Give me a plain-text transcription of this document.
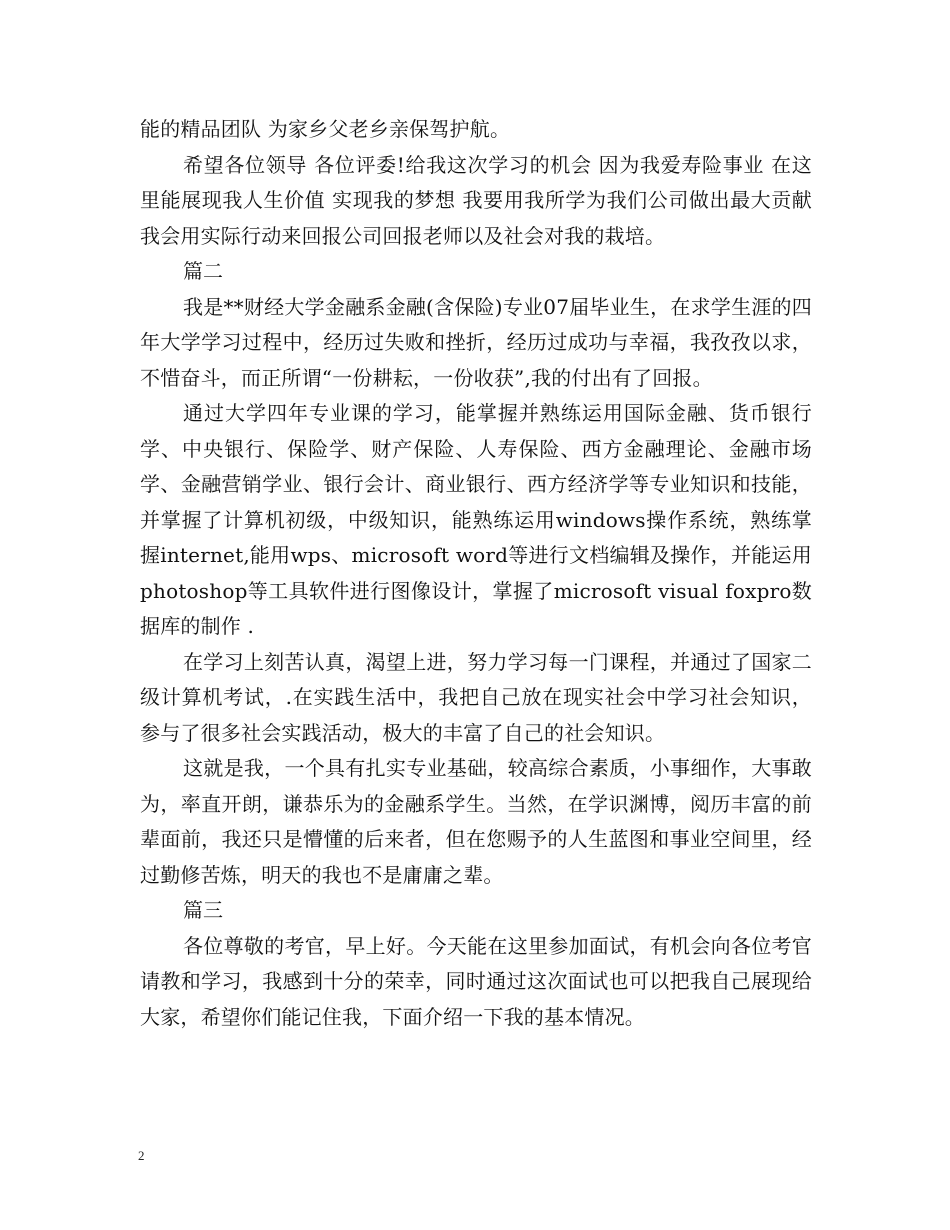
能的精品团队 为家乡父老乡亲保驾护航。

希望各位领导 各位评委!给我这次学习的机会 因为我爱寿险事业 在这里能展现我人生价值 实现我的梦想 我要用我所学为我们公司做出最大贡献 我会用实际行动来回报公司回报老师以及社会对我的栽培。

篇二

我是**财经大学金融系金融(含保险)专业07届毕业生，在求学生涯的四年大学学习过程中，经历过失败和挫折，经历过成功与幸福，我孜孜以求，不惜奋斗，而正所谓“一份耕耘，一份收获”,我的付出有了回报。

通过大学四年专业课的学习，能掌握并熟练运用国际金融、货币银行学、中央银行、保险学、财产保险、人寿保险、西方金融理论、金融市场学、金融营销学业、银行会计、商业银行、西方经济学等专业知识和技能，并掌握了计算机初级，中级知识，能熟练运用windows操作系统，熟练掌握internet,能用wps、microsoft word等进行文档编辑及操作，并能运用photoshop等工具软件进行图像设计，掌握了microsoft visual foxpro数据库的制作 .

在学习上刻苦认真，渴望上进，努力学习每一门课程，并通过了国家二级计算机考试，.在实践生活中，我把自己放在现实社会中学习社会知识，参与了很多社会实践活动，极大的丰富了自己的社会知识。

这就是我，一个具有扎实专业基础，较高综合素质，小事细作，大事敢为，率直开朗，谦恭乐为的金融系学生。当然，在学识渊博，阅历丰富的前辈面前，我还只是懵懂的后来者，但在您赐予的人生蓝图和事业空间里，经过勤修苦炼，明天的我也不是庸庸之辈。

篇三

各位尊敬的考官，早上好。今天能在这里参加面试，有机会向各位考官请教和学习，我感到十分的荣幸，同时通过这次面试也可以把我自己展现给大家，希望你们能记住我，下面介绍一下我的基本情况。

2
